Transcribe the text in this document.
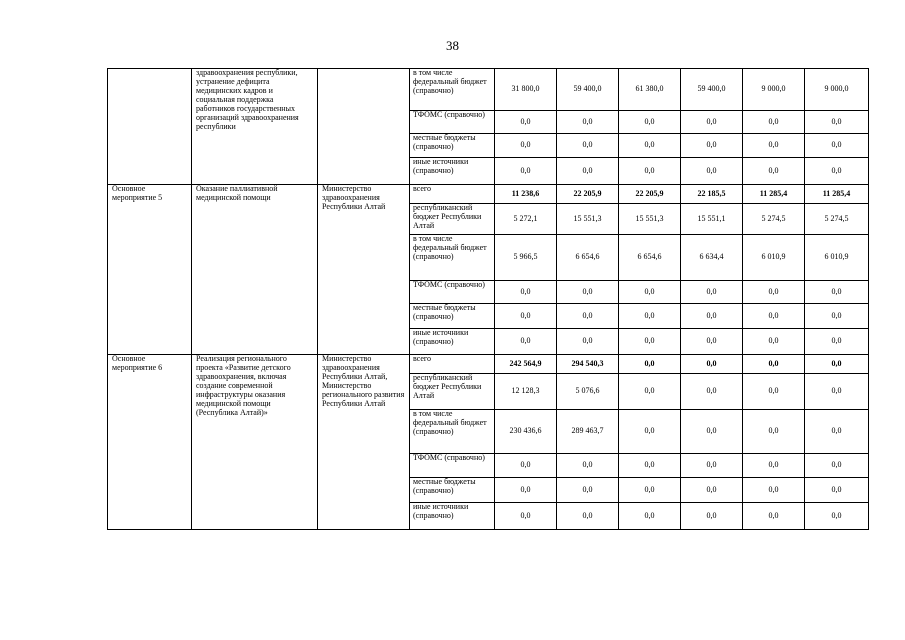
38
	здравоохранения республики, устранение дефицита медицинских кадров и социальная поддержка работников государственных организаций здравоохранения республики		в том числе федеральный бюджет (справочно)	31 800,0	59 400,0	61 380,0	59 400,0	9 000,0	9 000,0
			ТФОМС (справочно)	0,0	0,0	0,0	0,0	0,0	0,0
			местные бюджеты (справочно)	0,0	0,0	0,0	0,0	0,0	0,0
			иные источники (справочно)	0,0	0,0	0,0	0,0	0,0	0,0
Основное мероприятие 5	Оказание паллиативной медицинской помощи	Министерство здравоохранения Республики Алтай	всего	11 238,6	22 205,9	22 205,9	22 185,5	11 285,4	11 285,4
			республиканский бюджет Республики Алтай	5 272,1	15 551,3	15 551,3	15 551,1	5 274,5	5 274,5
			в том числе федеральный бюджет (справочно)	5 966,5	6 654,6	6 654,6	6 634,4	6 010,9	6 010,9
			ТФОМС (справочно)	0,0	0,0	0,0	0,0	0,0	0,0
			местные бюджеты (справочно)	0,0	0,0	0,0	0,0	0,0	0,0
			иные источники (справочно)	0,0	0,0	0,0	0,0	0,0	0,0
Основное мероприятие 6	Реализация регионального проекта «Развитие детского здравоохранения, включая создание современной инфраструктуры оказания медицинской помощи (Республика Алтай)»	Министерство здравоохранения Республики Алтай, Министерство регионального развития Республики Алтай	всего	242 564,9	294 540,3	0,0	0,0	0,0	0,0
			республиканский бюджет Республики Алтай	12 128,3	5 076,6	0,0	0,0	0,0	0,0
			в том числе федеральный бюджет (справочно)	230 436,6	289 463,7	0,0	0,0	0,0	0,0
			ТФОМС (справочно)	0,0	0,0	0,0	0,0	0,0	0,0
			местные бюджеты (справочно)	0,0	0,0	0,0	0,0	0,0	0,0
			иные источники (справочно)	0,0	0,0	0,0	0,0	0,0	0,0
